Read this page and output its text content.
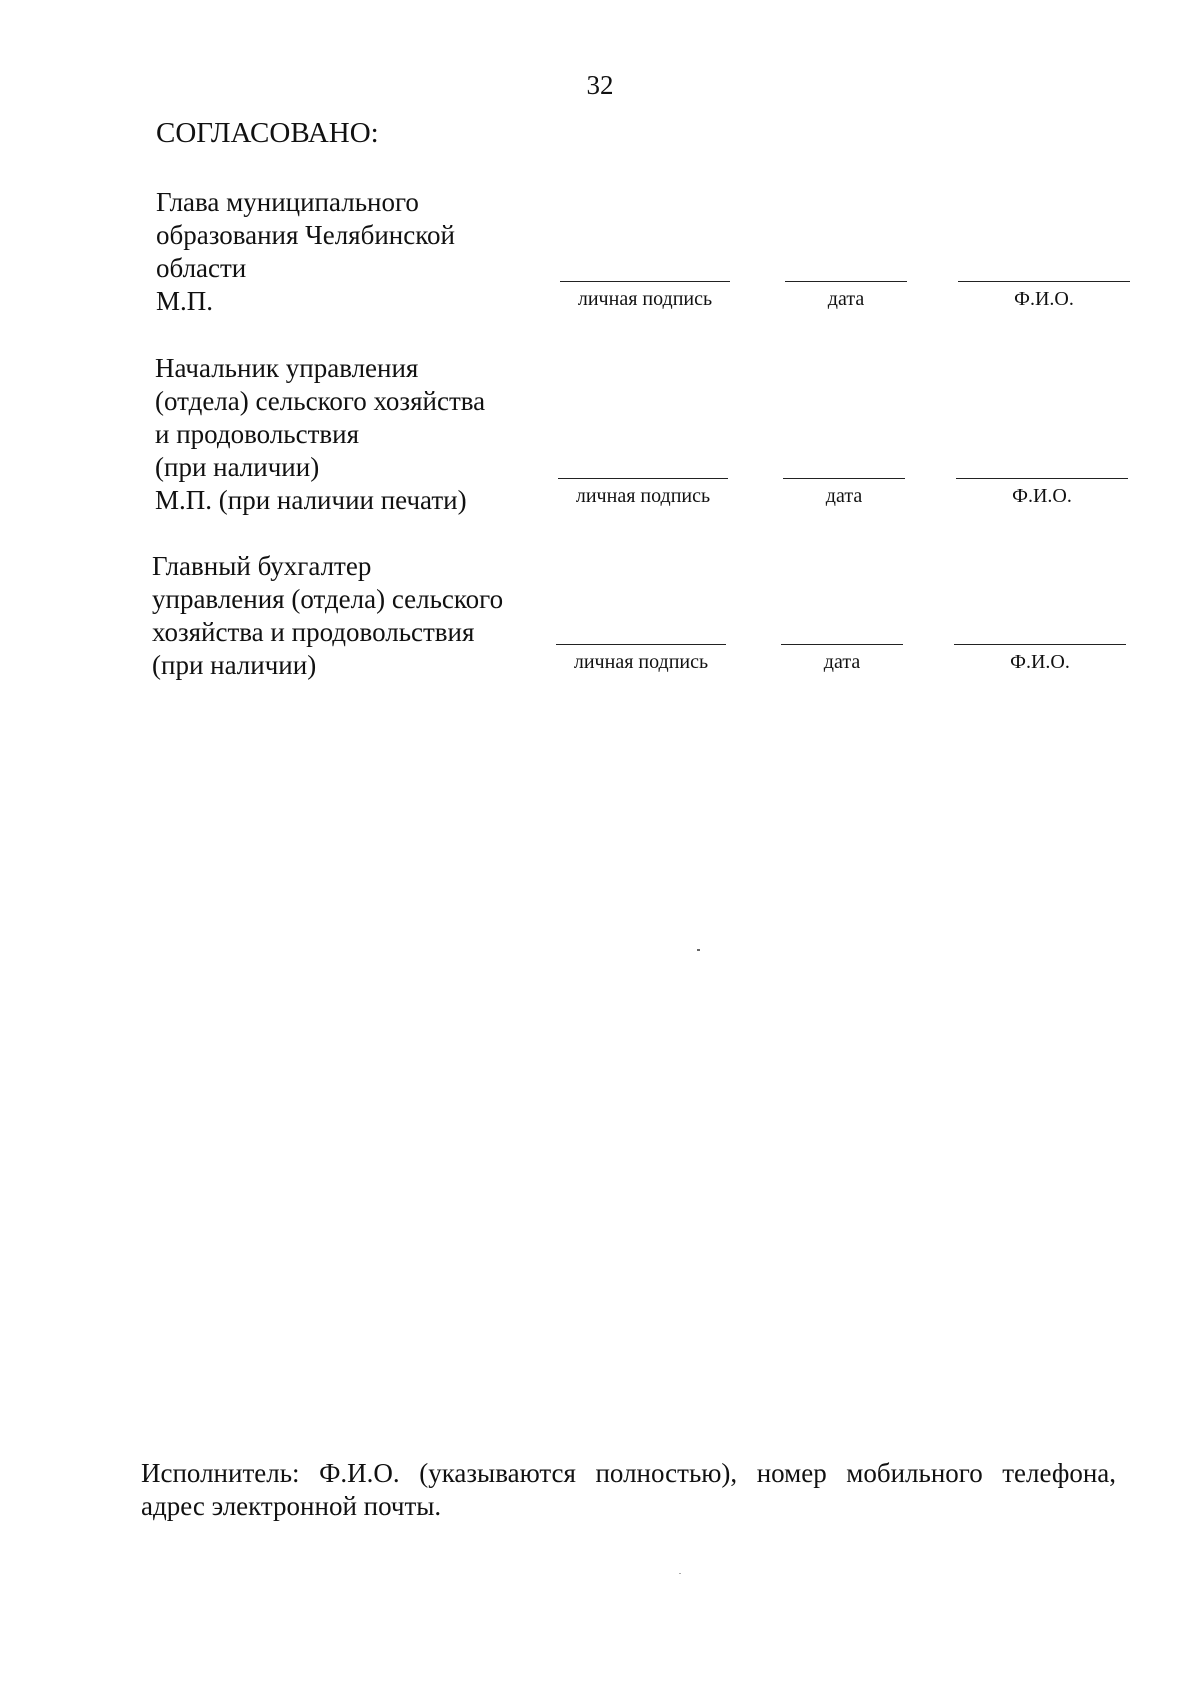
32
СОГЛАСОВАНО:
Глава муниципального
образования Челябинской
области
М.П.	личная подпись	дата	Ф.И.О.
Начальник управления
(отдела) сельского хозяйства
и продовольствия
(при наличии)
М.П. (при наличии печати)	личная подпись	дата	Ф.И.О.
Главный бухгалтер
управления (отдела) сельского
хозяйства и продовольствия
(при наличии)	личная подпись	дата	Ф.И.О.
Исполнитель: Ф.И.О. (указываются полностью), номер мобильного телефона,
адрес электронной почты.
